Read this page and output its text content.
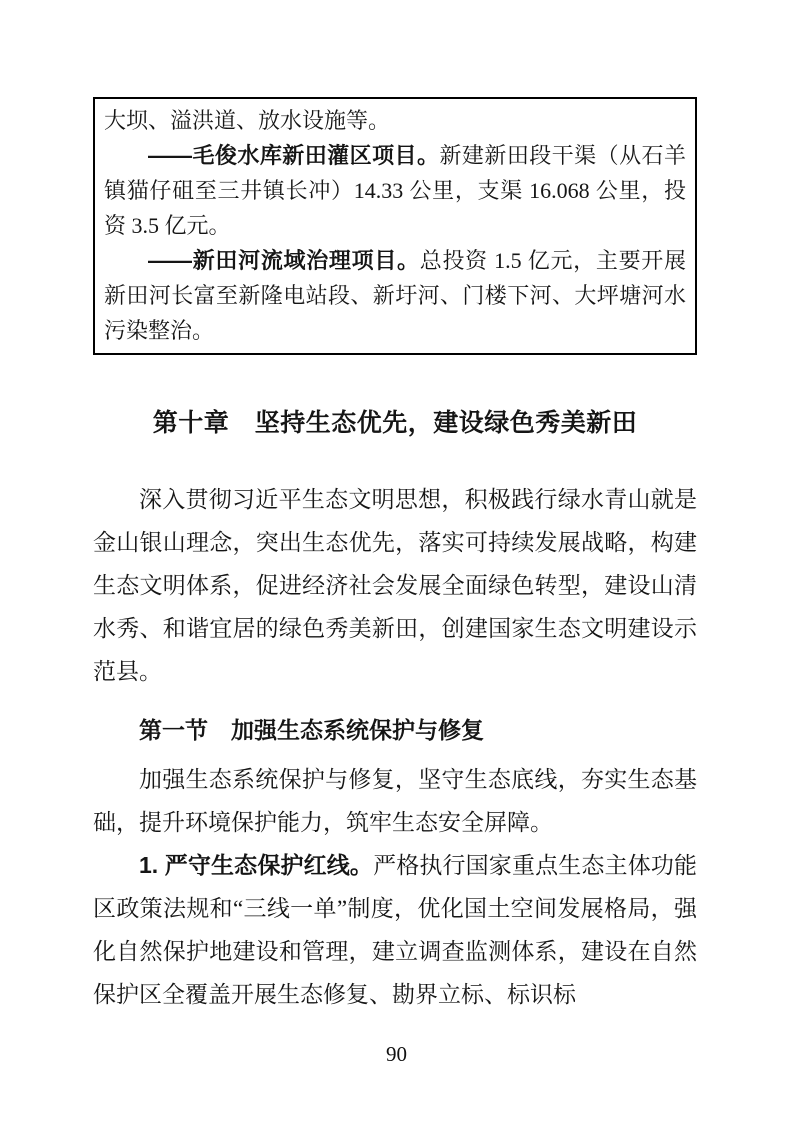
大坝、溢洪道、放水设施等。

——毛俊水库新田灌区项目。新建新田段干渠（从石羊镇猫仔砠至三井镇长冲）14.33 公里，支渠 16.068 公里，投资 3.5 亿元。

——新田河流域治理项目。总投资 1.5 亿元，主要开展新田河长富至新隆电站段、新圩河、门楼下河、大坪塘河水污染整治。

第十章　坚持生态优先，建设绿色秀美新田

深入贯彻习近平生态文明思想，积极践行绿水青山就是金山银山理念，突出生态优先，落实可持续发展战略，构建生态文明体系，促进经济社会发展全面绿色转型，建设山清水秀、和谐宜居的绿色秀美新田，创建国家生态文明建设示范县。

第一节　加强生态系统保护与修复

加强生态系统保护与修复，坚守生态底线，夯实生态基础，提升环境保护能力，筑牢生态安全屏障。

1. 严守生态保护红线。严格执行国家重点生态主体功能区政策法规和“三线一单”制度，优化国土空间发展格局，强化自然保护地建设和管理，建立调查监测体系，建设在自然保护区全覆盖开展生态修复、勘界立标、标识标

90
